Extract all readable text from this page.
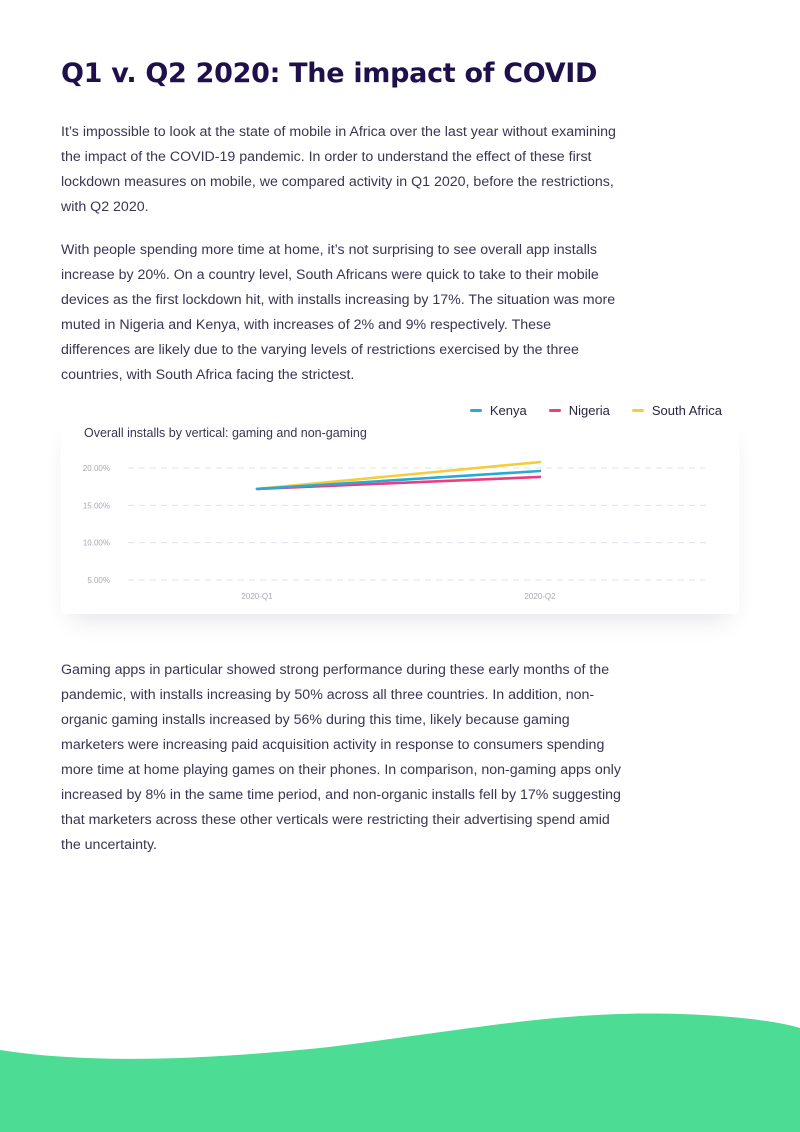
Q1 v. Q2 2020: The impact of COVID

It’s impossible to look at the state of mobile in Africa over the last year without examining the impact of the COVID-19 pandemic. In order to understand the effect of these first lockdown measures on mobile, we compared activity in Q1 2020, before the restrictions, with Q2 2020.

With people spending more time at home, it’s not surprising to see overall app installs increase by 20%. On a country level, South Africans were quick to take to their mobile devices as the first lockdown hit, with installs increasing by 17%. The situation was more muted in Nigeria and Kenya, with increases of 2% and 9% respectively. These differences are likely due to the varying levels of restrictions exercised by the three countries, with South Africa facing the strictest.

Kenya	Nigeria	South Africa

Overall installs by vertical: gaming and non-gaming

5.00%
10.00%
15.00%
20.00%
2020-Q1	2020-Q2

Gaming apps in particular showed strong performance during these early months of the pandemic, with installs increasing by 50% across all three countries. In addition, non-organic gaming installs increased by 56% during this time, likely because gaming marketers were increasing paid acquisition activity in response to consumers spending more time at home playing games on their phones. In comparison, non-gaming apps only increased by 8% in the same time period, and non-organic installs fell by 17% suggesting that marketers across these other verticals were restricting their advertising spend amid the uncertainty.
